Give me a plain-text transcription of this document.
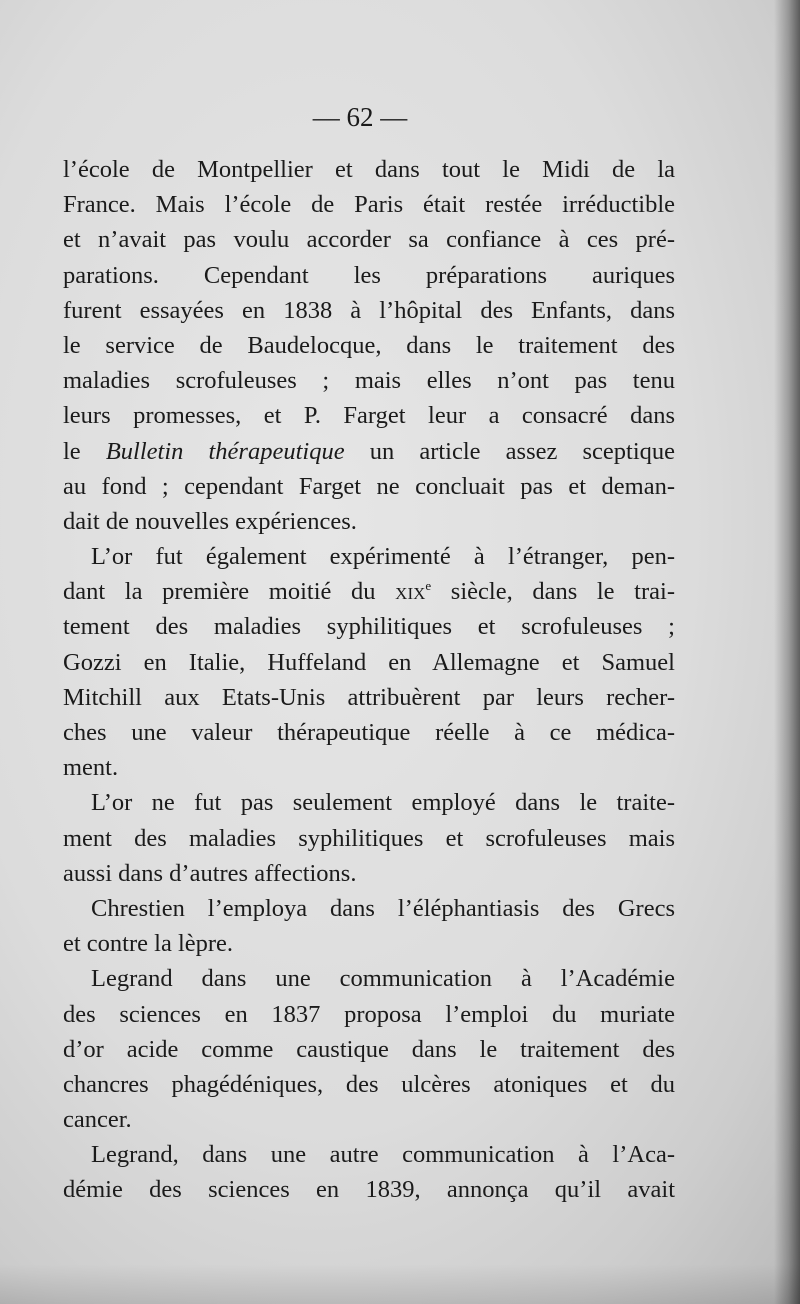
— 62 —
l’école de Montpellier et dans tout le Midi de la
France. Mais l’école de Paris était restée irréductible
et n’avait pas voulu accorder sa confiance à ces pré-
parations. Cependant les préparations auriques
furent essayées en 1838 à l’hôpital des Enfants, dans
le service de Baudelocque, dans le traitement des
maladies scrofuleuses ; mais elles n’ont pas tenu
leurs promesses, et P. Farget leur a consacré dans
le Bulletin thérapeutique un article assez sceptique
au fond ; cependant Farget ne concluait pas et deman-
dait de nouvelles expériences.
L’or fut également expérimenté à l’étranger, pen-
dant la première moitié du xix$^e$ siècle, dans le trai-
tement des maladies syphilitiques et scrofuleuses ;
Gozzi en Italie, Huffeland en Allemagne et Samuel
Mitchill aux Etats-Unis attribuèrent par leurs recher-
ches une valeur thérapeutique réelle à ce médica-
ment.
L’or ne fut pas seulement employé dans le traite-
ment des maladies syphilitiques et scrofuleuses mais
aussi dans d’autres affections.
Chrestien l’employa dans l’éléphantiasis des Grecs
et contre la lèpre.
Legrand dans une communication à l’Académie
des sciences en 1837 proposa l’emploi du muriate
d’or acide comme caustique dans le traitement des
chancres phagédéniques, des ulcères atoniques et du
cancer.
Legrand, dans une autre communication à l’Aca-
démie des sciences en 1839, annonça qu’il avait
